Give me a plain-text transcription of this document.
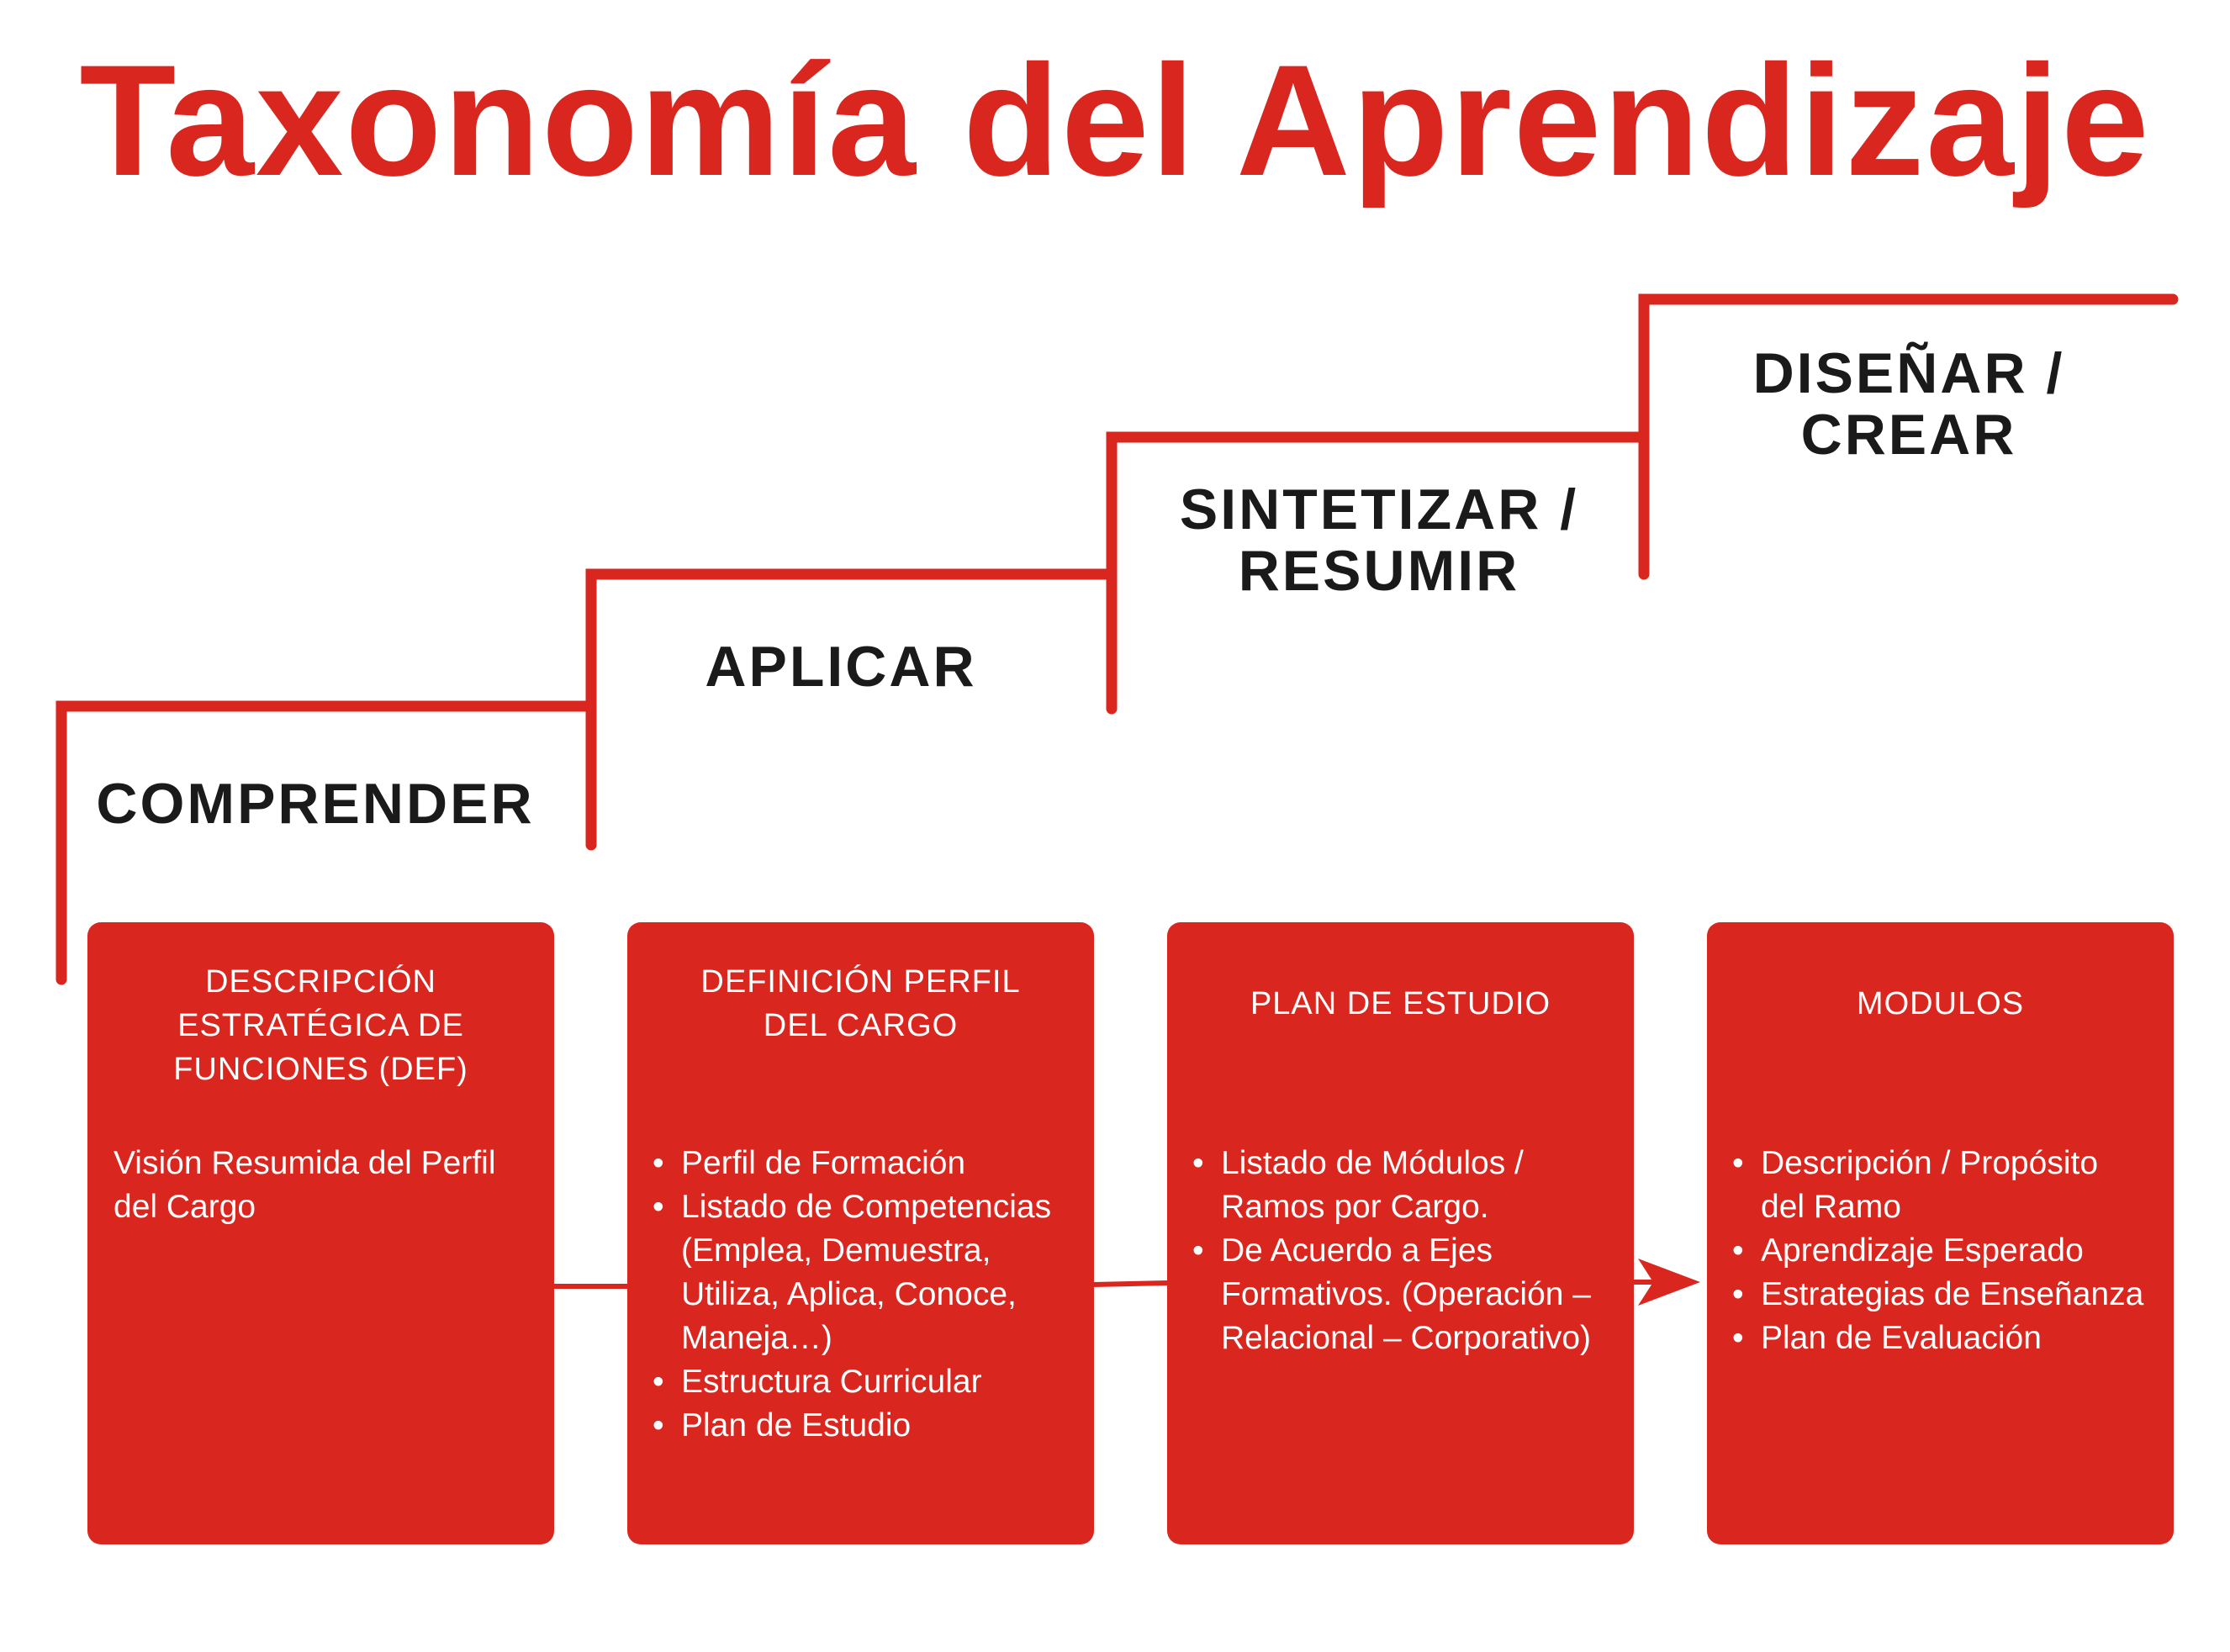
Taxonomía del Aprendizaje
COMPRENDER
APLICAR
SINTETIZAR /
RESUMIR
DISEÑAR /
CREAR
DESCRIPCIÓN
ESTRATÉGICA DE
FUNCIONES (DEF)

Visión Resumida del Perfil del Cargo

DEFINICIÓN PERFIL
DEL CARGO
• Perfil de Formación
• Listado de Competencias (Emplea, Demuestra, Utiliza, Aplica, Conoce, Maneja…)
• Estructura Curricular
• Plan de Estudio
PLAN DE ESTUDIO
• Listado de Módulos / Ramos por Cargo.
• De Acuerdo a Ejes Formativos. (Operación – Relacional – Corporativo)
MODULOS
• Descripción / Propósito del Ramo
• Aprendizaje Esperado
• Estrategias de Enseñanza
• Plan de Evaluación
